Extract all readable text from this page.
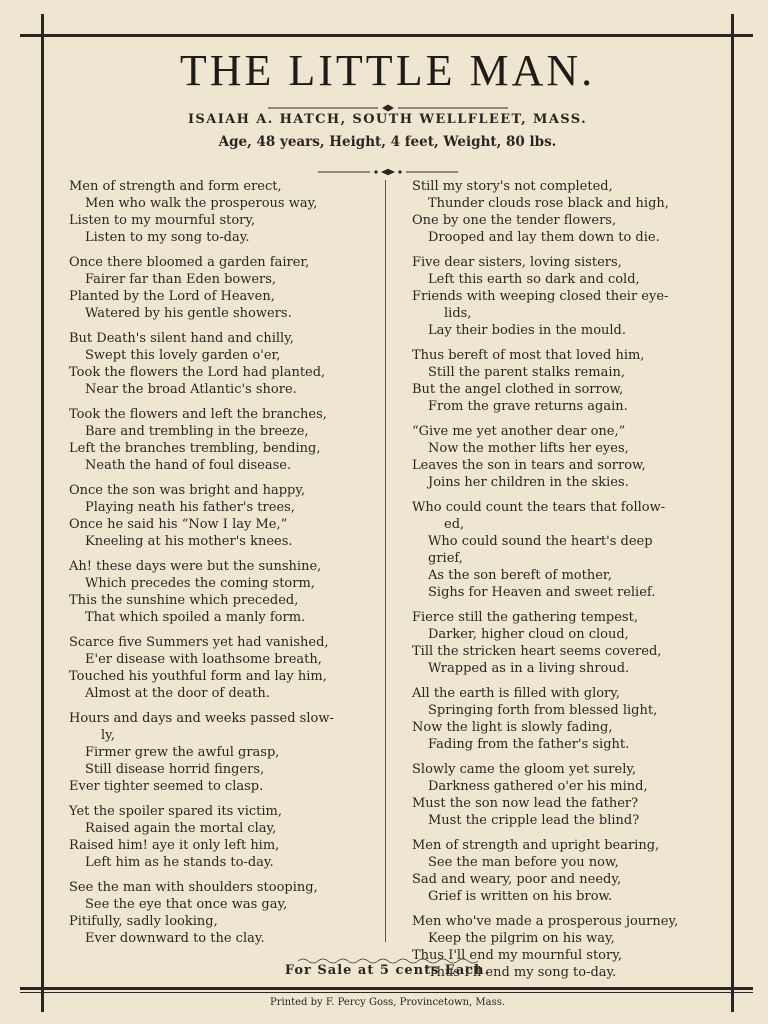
THE LITTLE MAN.
ISAIAH A. HATCH, SOUTH WELLFLEET, MASS.
Age, 48 years, Height, 4 feet, Weight, 80 lbs.
Men of strength and form erect,
Men who walk the prosperous way,
Listen to my mournful story,
Listen to my song to-day.
Once there bloomed a garden fairer,
Fairer far than Eden bowers,
Planted by the Lord of Heaven,
Watered by his gentle showers.
But Death's silent hand and chilly,
Swept this lovely garden o'er,
Took the flowers the Lord had planted,
Near the broad Atlantic's shore.
Took the flowers and left the branches,
Bare and trembling in the breeze,
Left the branches trembling, bending,
Neath the hand of foul disease.
Once the son was bright and happy,
Playing neath his father's trees,
Once he said his “Now I lay Me,”
Kneeling at his mother's knees.
Ah! these days were but the sunshine,
Which precedes the coming storm,
This the sunshine which preceded,
That which spoiled a manly form.
Scarce five Summers yet had vanished,
E'er disease with loathsome breath,
Touched his youthful form and lay him,
Almost at the door of death.
Hours and days and weeks passed slow-
ly,
Firmer grew the awful grasp,
Still disease horrid fingers,
Ever tighter seemed to clasp.
Yet the spoiler spared its victim,
Raised again the mortal clay,
Raised him! aye it only left him,
Left him as he stands to-day.
See the man with shoulders stooping,
See the eye that once was gay,
Pitifully, sadly looking,
Ever downward to the clay.
Still my story's not completed,
Thunder clouds rose black and high,
One by one the tender flowers,
Drooped and lay them down to die.
Five dear sisters, loving sisters,
Left this earth so dark and cold,
Friends with weeping closed their eye-
lids,
Lay their bodies in the mould.
Thus bereft of most that loved him,
Still the parent stalks remain,
But the angel clothed in sorrow,
From the grave returns again.
“Give me yet another dear one,”
Now the mother lifts her eyes,
Leaves the son in tears and sorrow,
Joins her children in the skies.
Who could count the tears that follow-
ed,
Who could sound the heart's deep
grief,
As the son bereft of mother,
Sighs for Heaven and sweet relief.
Fierce still the gathering tempest,
Darker, higher cloud on cloud,
Till the stricken heart seems covered,
Wrapped as in a living shroud.
All the earth is filled with glory,
Springing forth from blessed light,
Now the light is slowly fading,
Fading from the father's sight.
Slowly came the gloom yet surely,
Darkness gathered o'er his mind,
Must the son now lead the father?
Must the cripple lead the blind?
Men of strength and upright bearing,
See the man before you now,
Sad and weary, poor and needy,
Grief is written on his brow.
Men who've made a prosperous journey,
Keep the pilgrim on his way,
Thus I'll end my mournful story,
Thus I'll end my song to-day.
For Sale at 5 cents Each.
Printed by F. Percy Goss, Provincetown, Mass.
